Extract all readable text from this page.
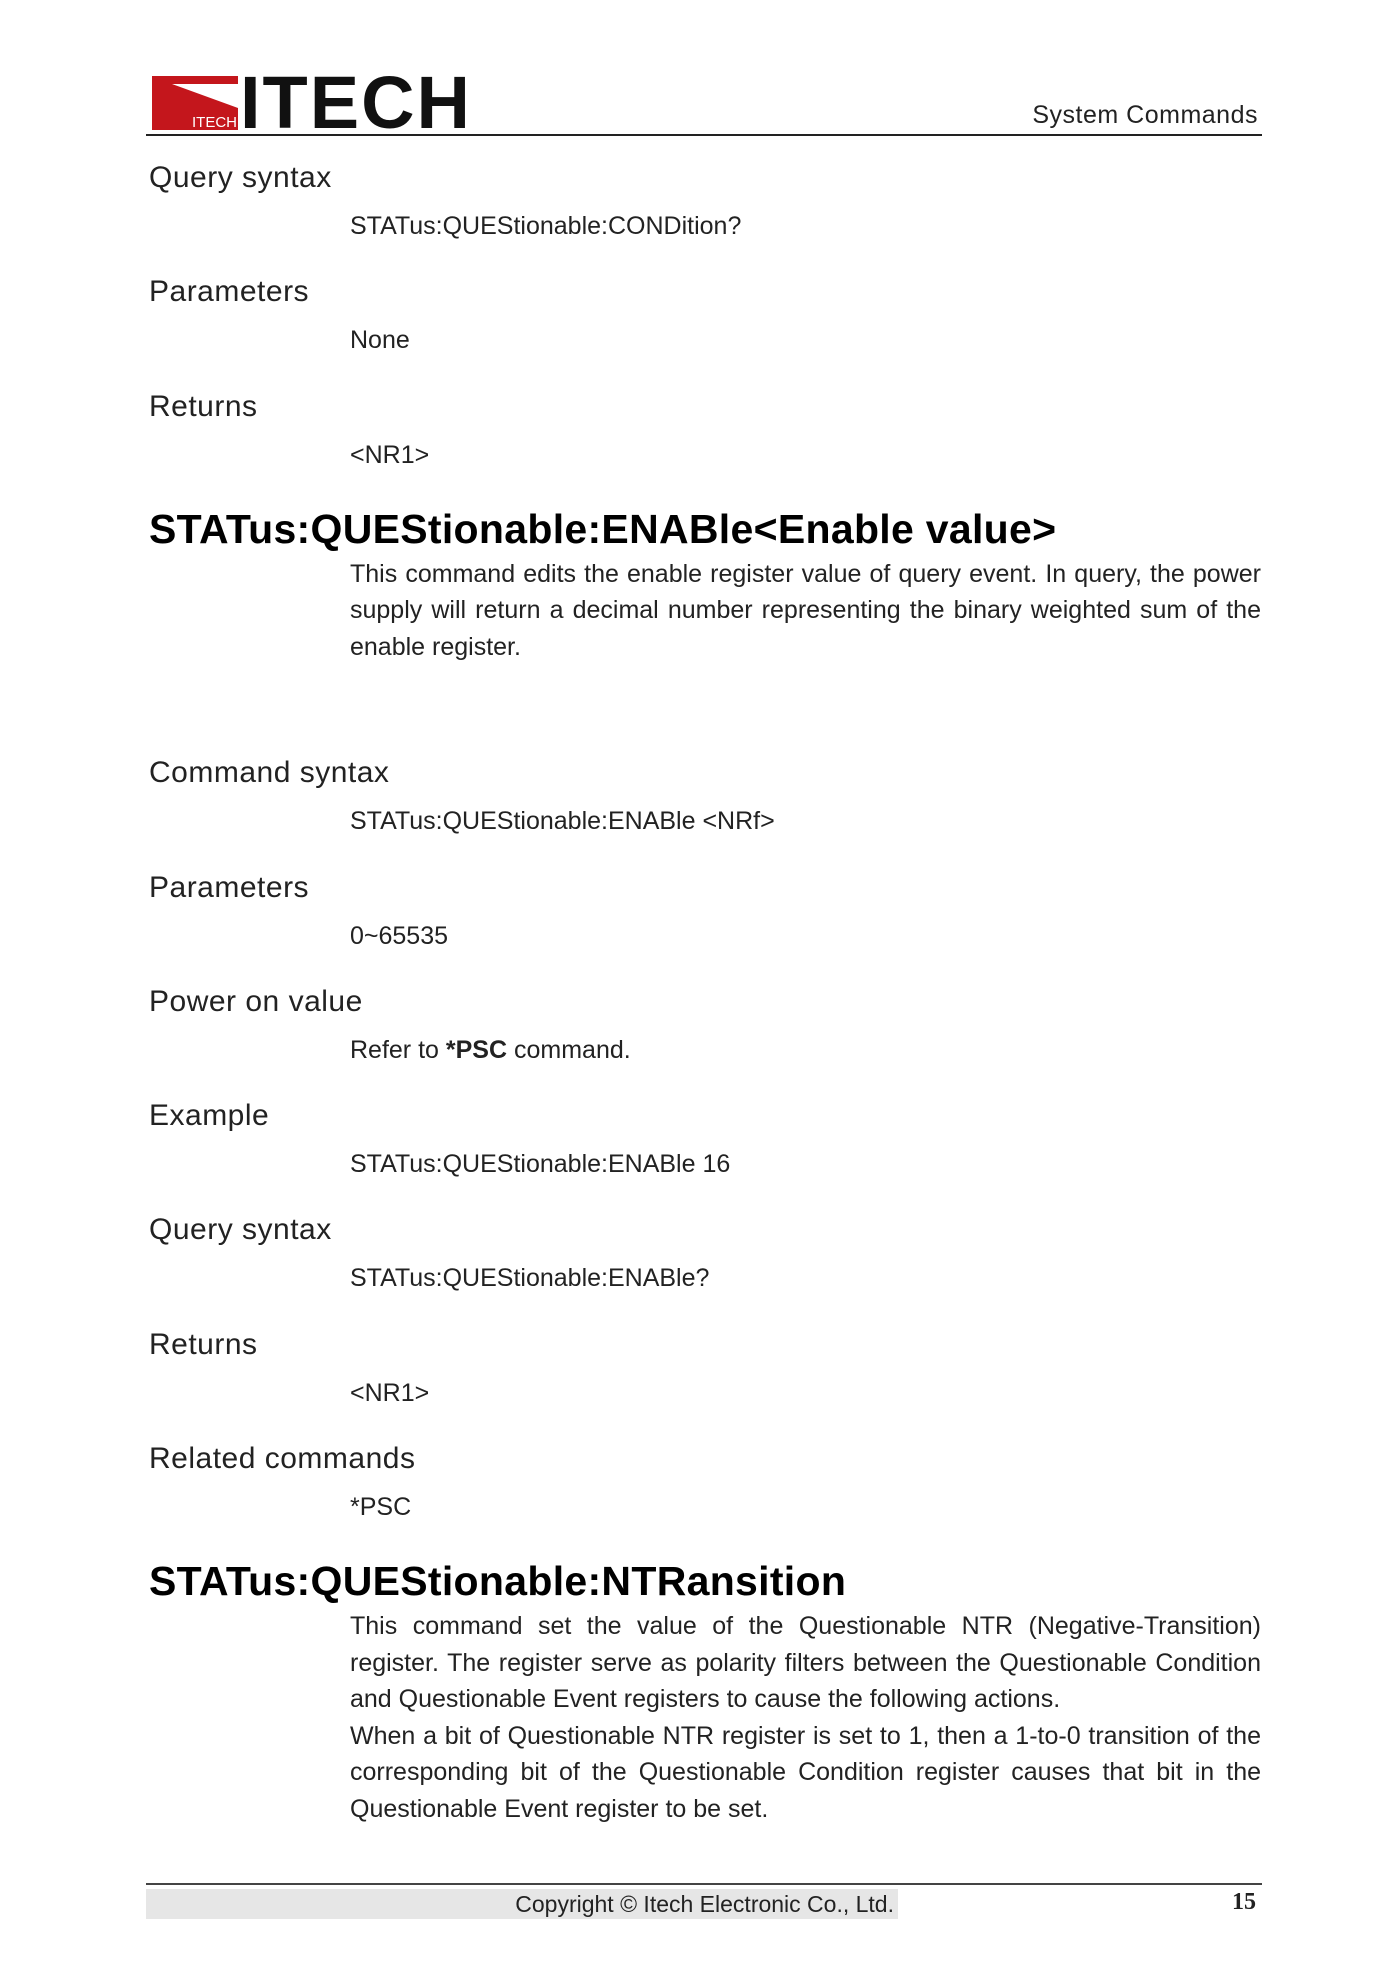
ITECH ITECH	System Commands

Query syntax

STATus:QUEStionable:CONDition?

Parameters

None

Returns

<NR1>

STATus:QUEStionable:ENABle<Enable value>

This command edits the enable register value of query event. In query, the power supply will return a decimal number representing the binary weighted sum of the enable register.

Command syntax

STATus:QUEStionable:ENABle <NRf>

Parameters

0~65535

Power on value

Refer to *PSC command.

Example

STATus:QUEStionable:ENABle 16

Query syntax

STATus:QUEStionable:ENABle?

Returns

<NR1>

Related commands

*PSC

STATus:QUEStionable:NTRansition

This command set the value of the Questionable NTR (Negative-Transition) register. The register serve as polarity filters between the Questionable Condition and Questionable Event registers to cause the following actions.

When a bit of Questionable NTR register is set to 1, then a 1-to-0 transition of the corresponding bit of the Questionable Condition register causes that bit in the Questionable Event register to be set.

Copyright © Itech Electronic Co., Ltd.	15
